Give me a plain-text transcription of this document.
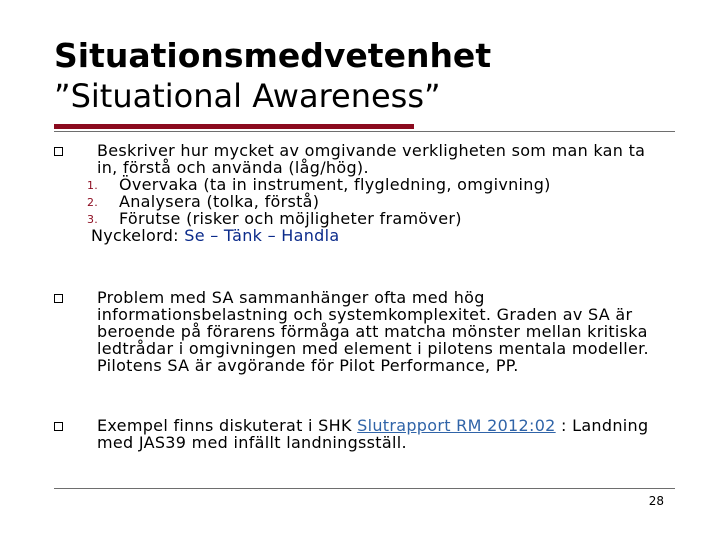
Situationsmedvetenhet
”Situational Awareness”
Beskriver hur mycket av omgivande verkligheten som man kan ta in, förstå och använda (låg/hög).
1. Övervaka (ta in instrument, flygledning, omgivning)
2. Analysera (tolka, förstå)
3. Förutse (risker och möjligheter framöver)
Nyckelord: Se – Tänk – Handla
Problem med SA sammanhänger ofta med hög informationsbelastning och systemkomplexitet. Graden av SA är beroende på förarens förmåga att matcha mönster mellan kritiska ledtrådar i omgivningen med element i pilotens mentala modeller. Pilotens SA är avgörande för Pilot Performance, PP.
Exempel finns diskuterat i SHK Slutrapport RM 2012:02 : Landning med JAS39 med infällt landningsställ.
28
